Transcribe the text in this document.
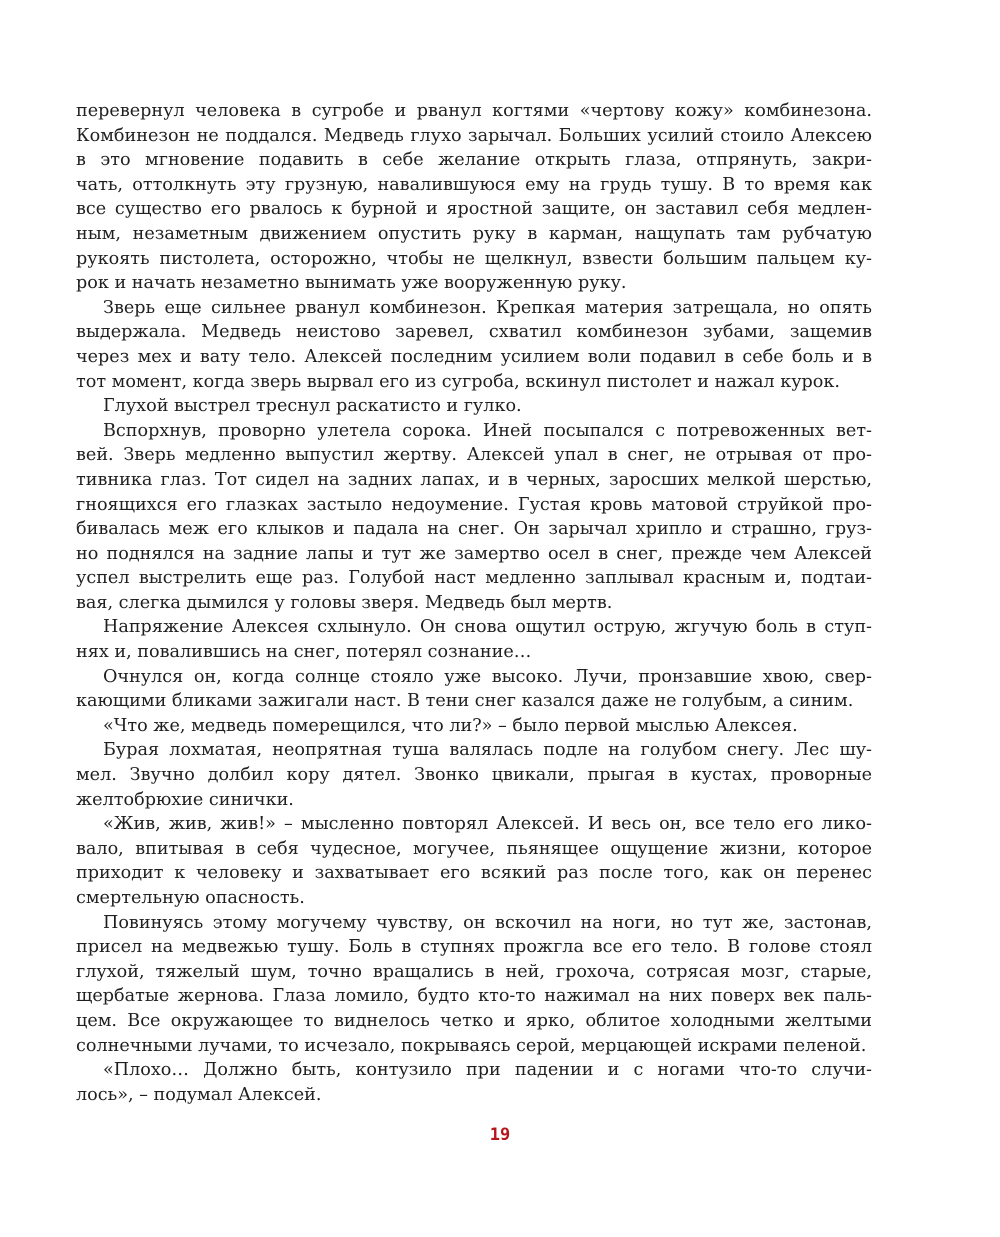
перевернул человека в сугробе и рванул когтями «чертову кожу» комбинезона.
Комбинезон не поддался. Медведь глухо зарычал. Больших усилий стоило Алексею
в это мгновение подавить в себе желание открыть глаза, отпрянуть, закри-
чать, оттолкнуть эту грузную, навалившуюся ему на грудь тушу. В то время как
все существо его рвалось к бурной и яростной защите, он заставил себя медлен-
ным, незаметным движением опустить руку в карман, нащупать там рубчатую
рукоять пистолета, осторожно, чтобы не щелкнул, взвести большим пальцем ку-
рок и начать незаметно вынимать уже вооруженную руку.
Зверь еще сильнее рванул комбинезон. Крепкая материя затрещала, но опять
выдержала. Медведь неистово заревел, схватил комбинезон зубами, защемив
через мех и вату тело. Алексей последним усилием воли подавил в себе боль и в
тот момент, когда зверь вырвал его из сугроба, вскинул пистолет и нажал курок.
Глухой выстрел треснул раскатисто и гулко.
Вспорхнув, проворно улетела сорока. Иней посыпался с потревоженных вет-
вей. Зверь медленно выпустил жертву. Алексей упал в снег, не отрывая от про-
тивника глаз. Тот сидел на задних лапах, и в черных, заросших мелкой шерстью,
гноящихся его глазках застыло недоумение. Густая кровь матовой струйкой про-
бивалась меж его клыков и падала на снег. Он зарычал хрипло и страшно, груз-
но поднялся на задние лапы и тут же замертво осел в снег, прежде чем Алексей
успел выстрелить еще раз. Голубой наст медленно заплывал красным и, подтаи-
вая, слегка дымился у головы зверя. Медведь был мертв.
Напряжение Алексея схлынуло. Он снова ощутил острую, жгучую боль в ступ-
нях и, повалившись на снег, потерял сознание…
Очнулся он, когда солнце стояло уже высоко. Лучи, пронзавшие хвою, свер-
кающими бликами зажигали наст. В тени снег казался даже не голубым, а синим.
«Что же, медведь померещился, что ли?» – было первой мыслью Алексея.
Бурая лохматая, неопрятная туша валялась подле на голубом снегу. Лес шу-
мел. Звучно долбил кору дятел. Звонко цвикали, прыгая в кустах, проворные
желтобрюхие синички.
«Жив, жив, жив!» – мысленно повторял Алексей. И весь он, все тело его лико-
вало, впитывая в себя чудесное, могучее, пьянящее ощущение жизни, которое
приходит к человеку и захватывает его всякий раз после того, как он перенес
смертельную опасность.
Повинуясь этому могучему чувству, он вскочил на ноги, но тут же, застонав,
присел на медвежью тушу. Боль в ступнях прожгла все его тело. В голове стоял
глухой, тяжелый шум, точно вращались в ней, грохоча, сотрясая мозг, старые,
щербатые жернова. Глаза ломило, будто кто-то нажимал на них поверх век паль-
цем. Все окружающее то виднелось четко и ярко, облитое холодными желтыми
солнечными лучами, то исчезало, покрываясь серой, мерцающей искрами пеленой.
«Плохо… Должно быть, контузило при падении и с ногами что-то случи-
лось», – подумал Алексей.
19
